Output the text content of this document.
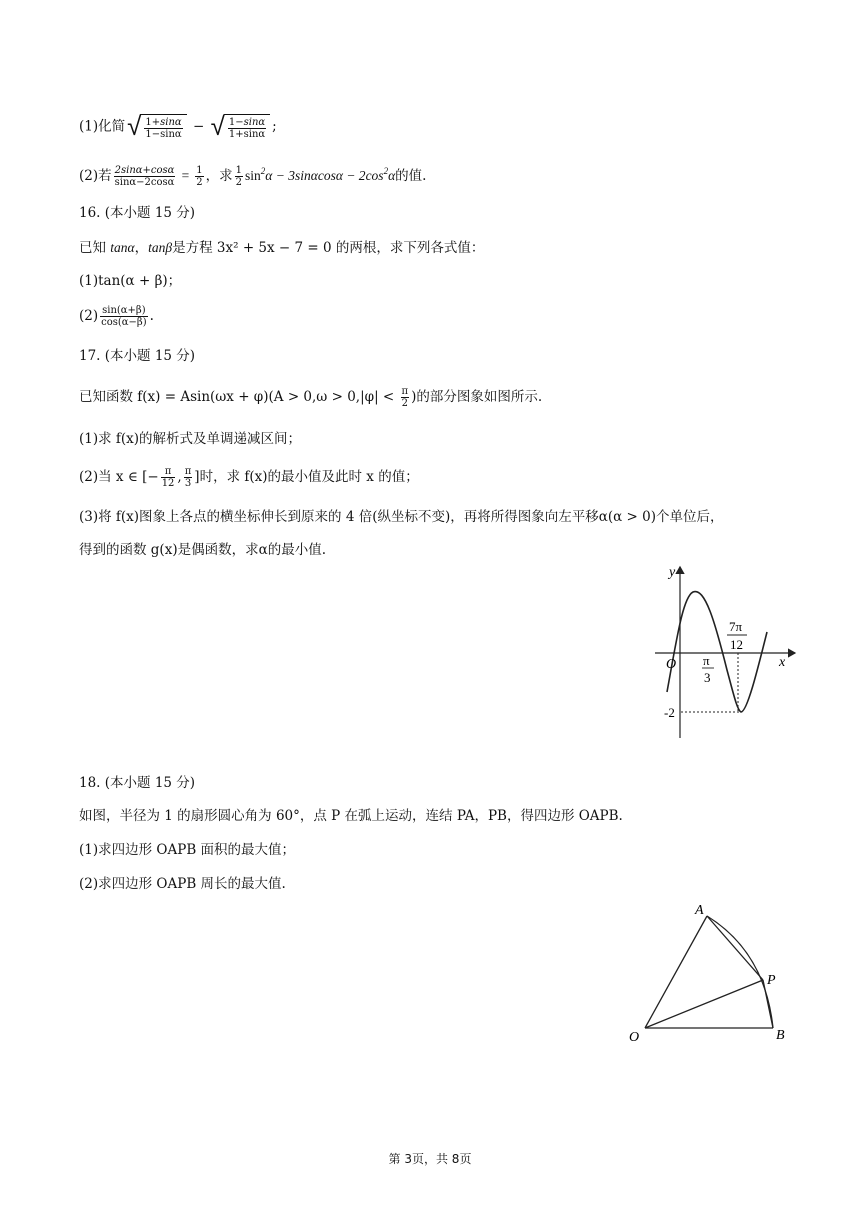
(1)化简 √ $\frac{1+\sin\alpha}{1-\sin\alpha}$ − √ $\frac{1-\sin\alpha}{1+\sin\alpha}$ ;
(2)若 $\frac{2\sin\alpha+\cos\alpha}{\sin\alpha-2\cos\alpha} = \frac{1}{2}$ ，求 $\frac{1}{2} \sin^2\alpha - 3\sin\alpha\cos\alpha - 2\cos^2\alpha$的值.
16. (本小题 15 分)
已知 tanα，tanβ是方程 3x² + 5x − 7 = 0 的两根，求下列各式值：
(1)tan(α + β)；
$(2) \frac{\sin(\alpha+\beta)}{\cos(\alpha-\beta)}$ .
17. (本小题 15 分)
已知函数 $f(x) = Asin(\omega x + \varphi)(A > 0,\omega > 0,|\varphi| < \frac{\pi}{2}$ )的部分图象如图所示.
(1)求 f(x)的解析式及单调递减区间；
(2)当 x ∈ [− $\frac{\pi}{12}$ , $\frac{\pi}{3}$ ]时，求 f(x)的最小值及此时 x 的值；
(3)将 f(x)图象上各点的横坐标伸长到原来的 4 倍(纵坐标不变)，再将所得图象向左平移α(α > 0)个单位后，
得到的函数 g(x)是偶函数，求α的最小值.
y
x
O π
3
7π
12
-2
18. (本小题 15 分)
如图，半径为 1 的扇形圆心角为 60°，点 P 在弧上运动，连结 PA，PB，得四边形 OAPB.
(1)求四边形 OAPB 面积的最大值；
(2)求四边形 OAPB 周长的最大值.
A
P
O	B
第 3页，共 8页
